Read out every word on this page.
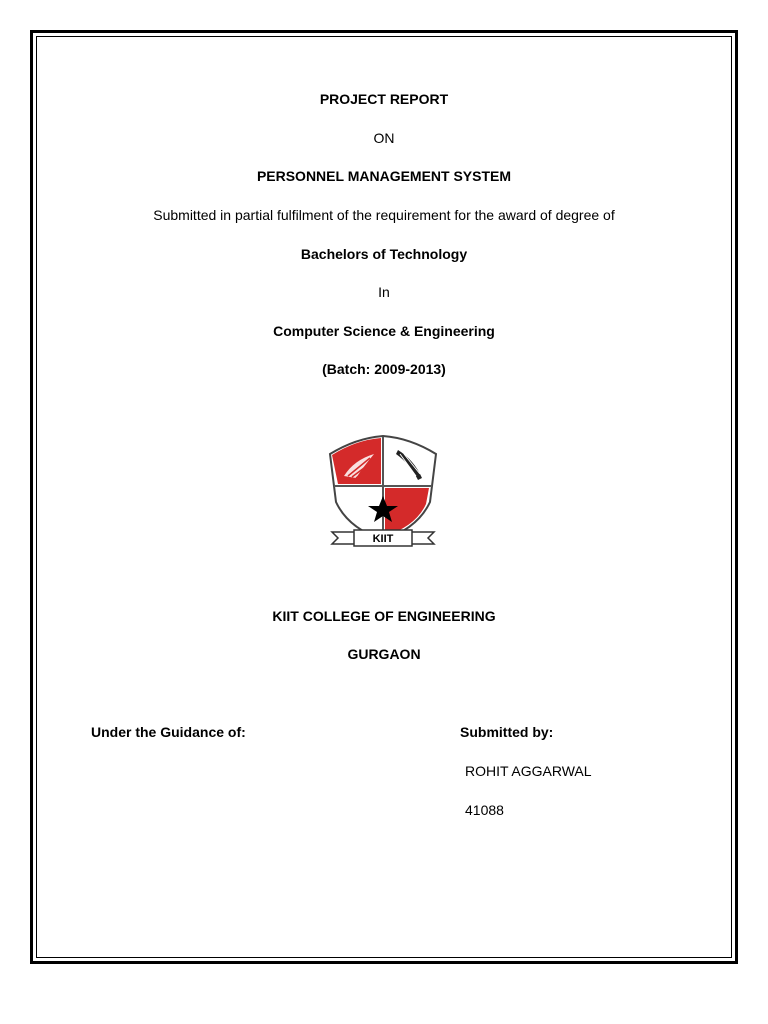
PROJECT REPORT
ON
PERSONNEL MANAGEMENT SYSTEM
Submitted in partial fulfilment of the requirement for the award of degree of
Bachelors of Technology
In
Computer Science & Engineering
(Batch: 2009-2013)
KIIT
KIIT COLLEGE OF ENGINEERING
GURGAON
Under the Guidance of:	Submitted by:
ROHIT AGGARWAL
41088
